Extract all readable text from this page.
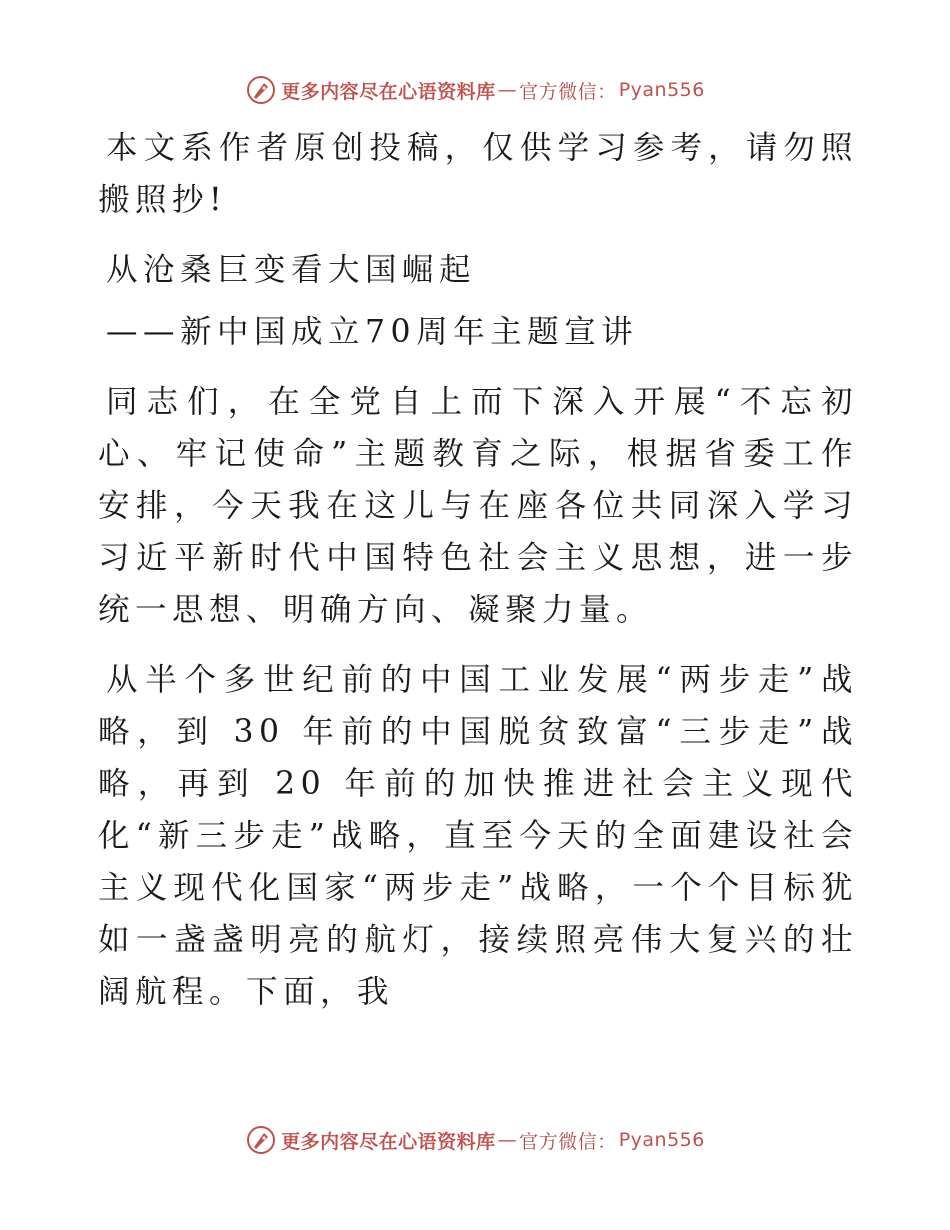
更多内容尽在心语资料库 — 官方微信： Pyan556

本文系作者原创投稿，仅供学习参考，请勿照搬照抄!

从沧桑巨变看大国崛起

——新中国成立70周年主题宣讲

同志们，在全党自上而下深入开展“不忘初心、牢记使命”主题教育之际，根据省委工作安排，今天我在这儿与在座各位共同深入学习习近平新时代中国特色社会主义思想，进一步统一思想、明确方向、凝聚力量。

从半个多世纪前的中国工业发展“两步走”战略，到 30 年前的中国脱贫致富“三步走”战略，再到 20 年前的加快推进社会主义现代化“新三步走”战略，直至今天的全面建设社会主义现代化国家“两步走”战略，一个个目标犹如一盏盏明亮的航灯，接续照亮伟大复兴的壮阔航程。下面，我

更多内容尽在心语资料库 — 官方微信： Pyan556
